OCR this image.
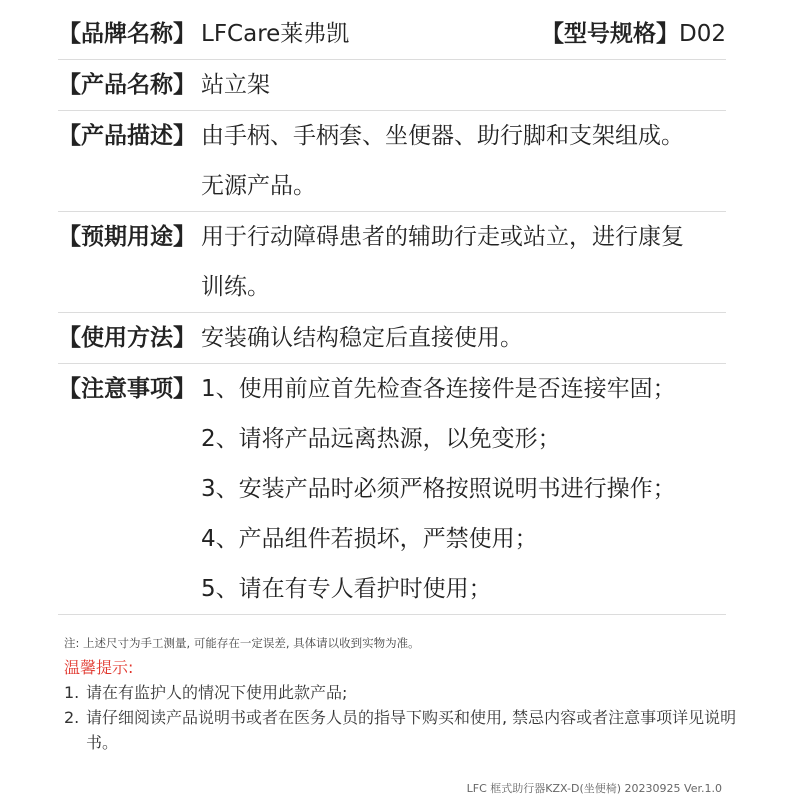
【品牌名称】 LFCare莱弗凯	【型号规格】 D02
【产品名称】 站立架
【产品描述】 由手柄、手柄套、坐便器、助行脚和支架组成。
无源产品。
【预期用途】 用于行动障碍患者的辅助行走或站立，进行康复
训练。
【使用方法】 安装确认结构稳定后直接使用。
【注意事项】 1、使用前应首先检查各连接件是否连接牢固；
2、请将产品远离热源，以免变形；
3、安装产品时必须严格按照说明书进行操作；
4、产品组件若损坏，严禁使用；
5、请在有专人看护时使用；
注: 上述尺寸为手工测量, 可能存在一定误差, 具体请以收到实物为准。
温馨提示:
1. 请在有监护人的情况下使用此款产品;
2. 请仔细阅读产品说明书或者在医务人员的指导下购买和使用, 禁忌内容或者注意事项详见说明书。
LFC 框式助行器KZX-D(坐便椅) 20230925 Ver.1.0
